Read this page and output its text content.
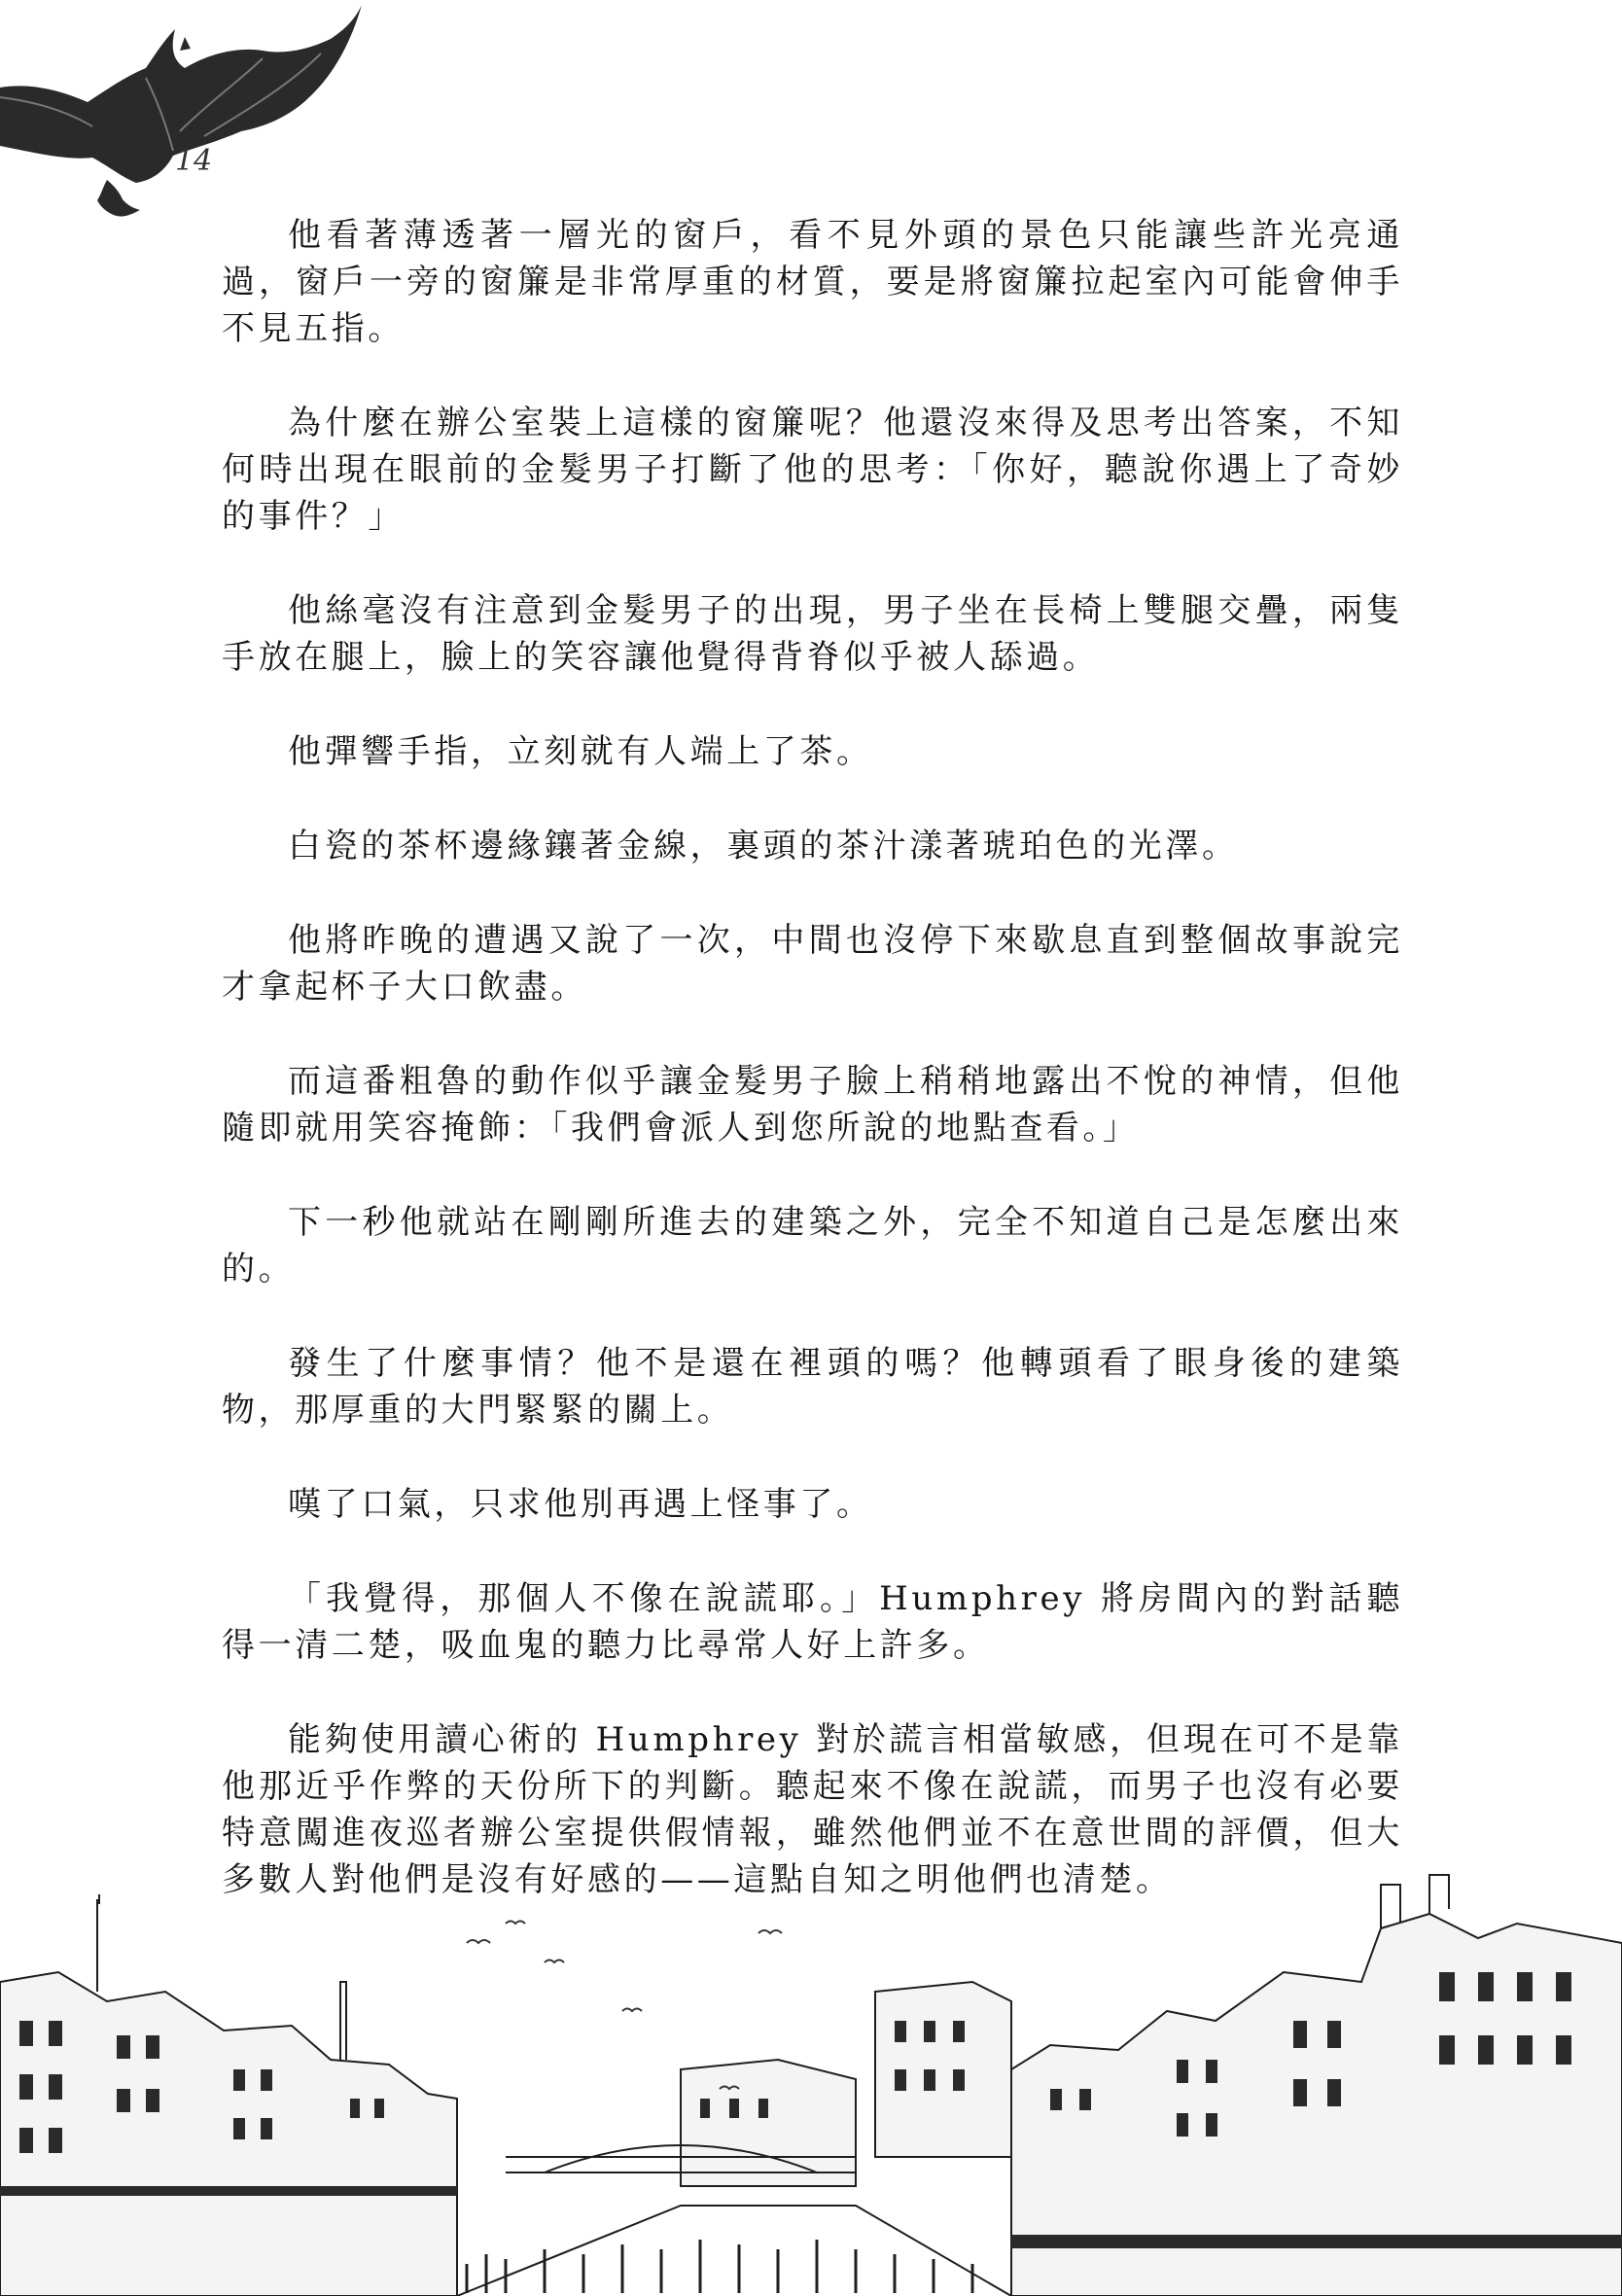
14

他看著薄透著一層光的窗戶，看不見外頭的景色只能讓些許光亮通過，窗戶一旁的窗簾是非常厚重的材質，要是將窗簾拉起室內可能會伸手不見五指。

為什麼在辦公室裝上這樣的窗簾呢？他還沒來得及思考出答案，不知何時出現在眼前的金髮男子打斷了他的思考：「你好，聽說你遇上了奇妙的事件？」

他絲毫沒有注意到金髮男子的出現，男子坐在長椅上雙腿交疊，兩隻手放在腿上，臉上的笑容讓他覺得背脊似乎被人舔過。

他彈響手指，立刻就有人端上了茶。

白瓷的茶杯邊緣鑲著金線，裏頭的茶汁漾著琥珀色的光澤。

他將昨晚的遭遇又說了一次，中間也沒停下來歇息直到整個故事說完才拿起杯子大口飲盡。

而這番粗魯的動作似乎讓金髮男子臉上稍稍地露出不悅的神情，但他隨即就用笑容掩飾：「我們會派人到您所說的地點查看。」

下一秒他就站在剛剛所進去的建築之外，完全不知道自己是怎麼出來的。

發生了什麼事情？他不是還在裡頭的嗎？他轉頭看了眼身後的建築物，那厚重的大門緊緊的關上。

嘆了口氣，只求他別再遇上怪事了。

「我覺得，那個人不像在說謊耶。」Humphrey 將房間內的對話聽得一清二楚，吸血鬼的聽力比尋常人好上許多。

能夠使用讀心術的 Humphrey 對於謊言相當敏感，但現在可不是靠他那近乎作弊的天份所下的判斷。聽起來不像在說謊，而男子也沒有必要特意闖進夜巡者辦公室提供假情報，雖然他們並不在意世間的評價，但大多數人對他們是沒有好感的——這點自知之明他們也清楚。
